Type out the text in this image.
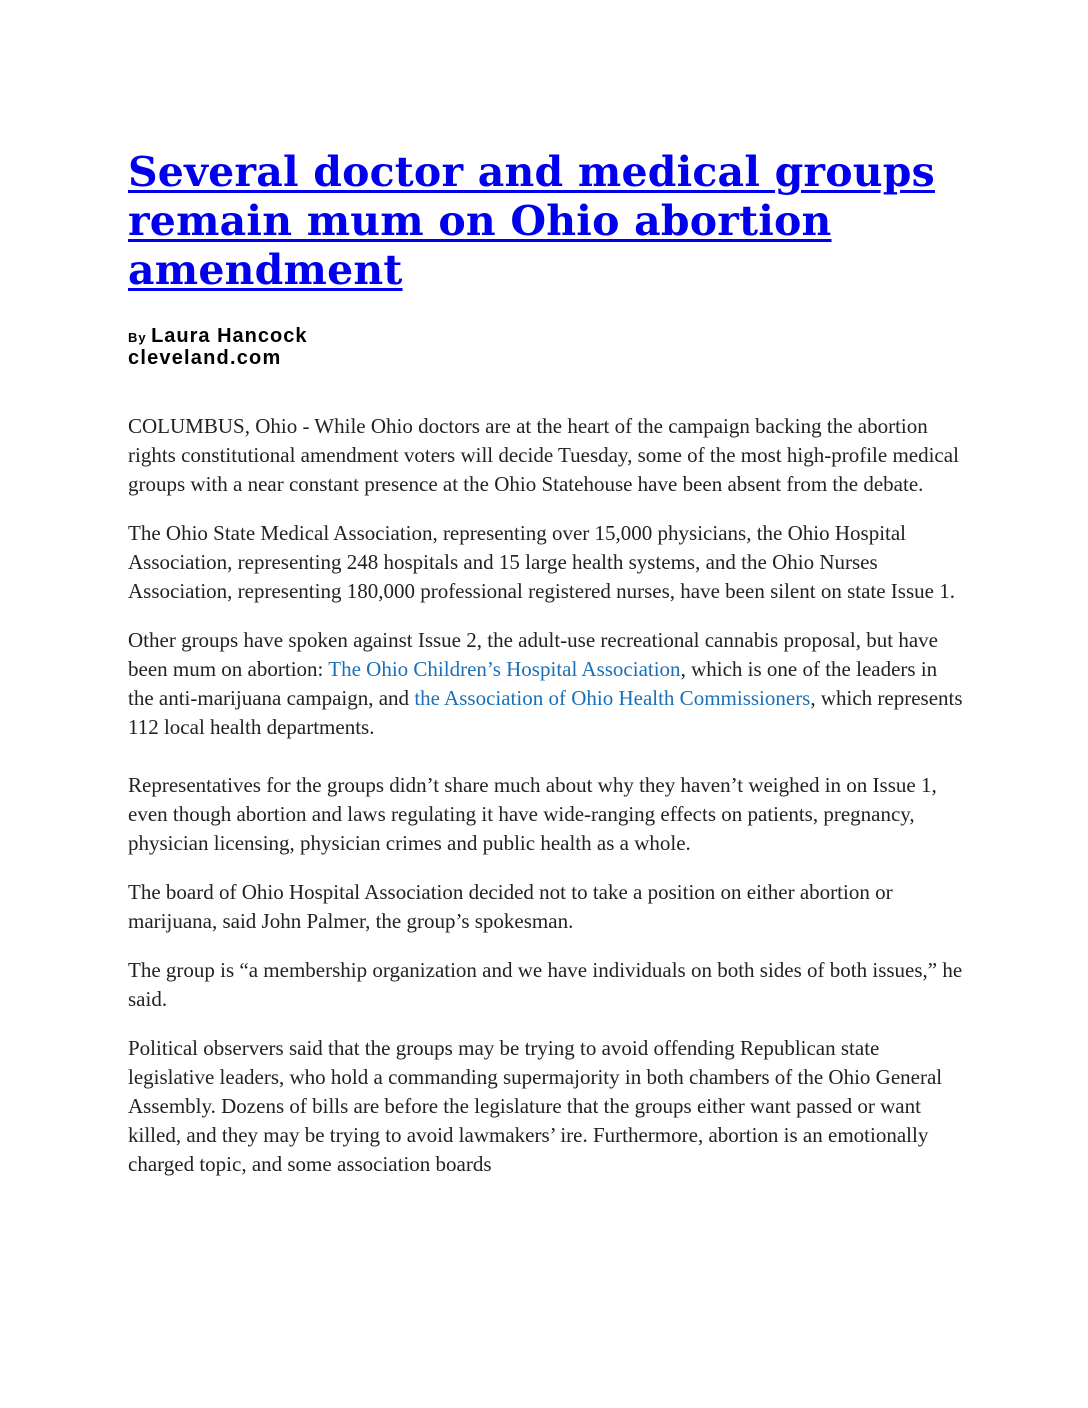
Several doctor and medical groups remain mum on Ohio abortion amendment
By Laura Hancock
cleveland.com

COLUMBUS, Ohio - While Ohio doctors are at the heart of the campaign backing the abortion rights constitutional amendment voters will decide Tuesday, some of the most high-profile medical groups with a near constant presence at the Ohio Statehouse have been absent from the debate.

The Ohio State Medical Association, representing over 15,000 physicians, the Ohio Hospital Association, representing 248 hospitals and 15 large health systems, and the Ohio Nurses Association, representing 180,000 professional registered nurses, have been silent on state Issue 1.

Other groups have spoken against Issue 2, the adult-use recreational cannabis proposal, but have been mum on abortion: The Ohio Children’s Hospital Association, which is one of the leaders in the anti-marijuana campaign, and the Association of Ohio Health Commissioners, which represents 112 local health departments.

Representatives for the groups didn’t share much about why they haven’t weighed in on Issue 1, even though abortion and laws regulating it have wide-ranging effects on patients, pregnancy, physician licensing, physician crimes and public health as a whole.

The board of Ohio Hospital Association decided not to take a position on either abortion or marijuana, said John Palmer, the group’s spokesman.

The group is “a membership organization and we have individuals on both sides of both issues,” he said.

Political observers said that the groups may be trying to avoid offending Republican state legislative leaders, who hold a commanding supermajority in both chambers of the Ohio General Assembly. Dozens of bills are before the legislature that the groups either want passed or want killed, and they may be trying to avoid lawmakers’ ire. Furthermore, abortion is an emotionally charged topic, and some association boards
